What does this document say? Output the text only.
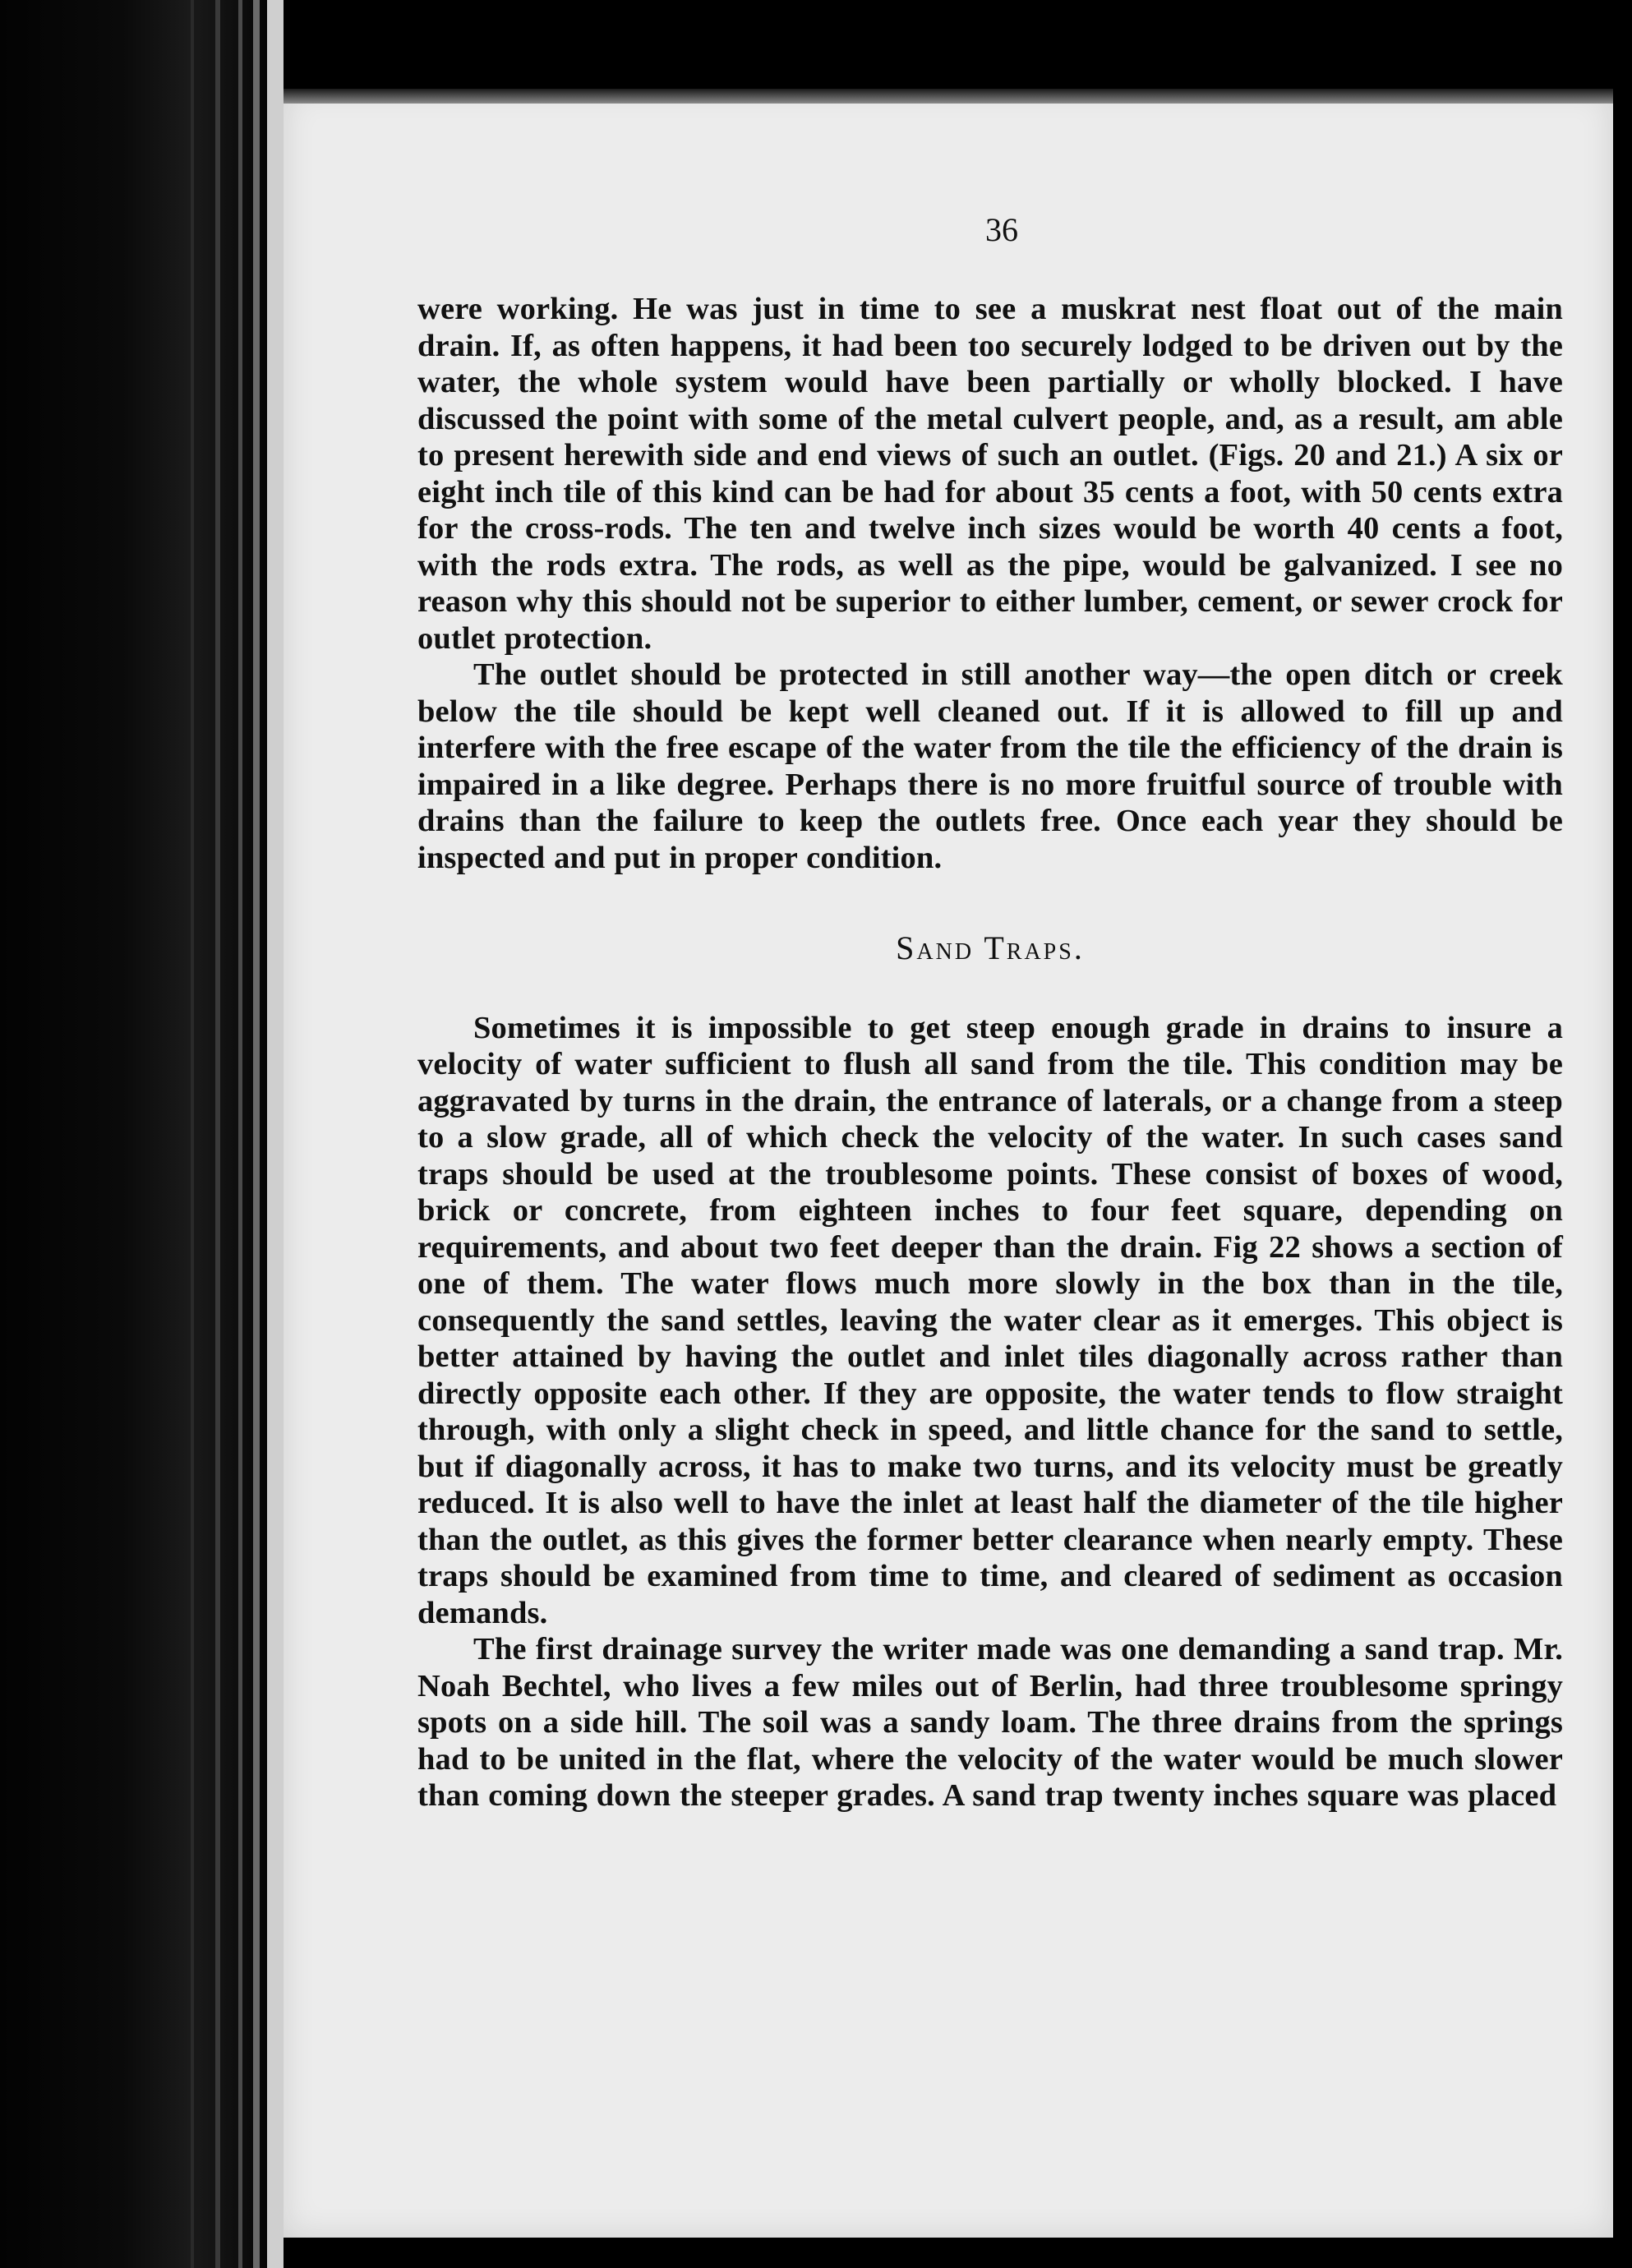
36

were working. He was just in time to see a muskrat nest float out of the main drain. If, as often happens, it had been too securely lodged to be driven out by the water, the whole system would have been partially or wholly blocked. I have discussed the point with some of the metal culvert people, and, as a result, am able to present herewith side and end views of such an outlet. (Figs. 20 and 21.) A six or eight inch tile of this kind can be had for about 35 cents a foot, with 50 cents extra for the cross-rods. The ten and twelve inch sizes would be worth 40 cents a foot, with the rods extra. The rods, as well as the pipe, would be galvanized. I see no reason why this should not be superior to either lumber, cement, or sewer crock for outlet protection.

The outlet should be protected in still another way—the open ditch or creek below the tile should be kept well cleaned out. If it is allowed to fill up and interfere with the free escape of the water from the tile the efficiency of the drain is impaired in a like degree. Perhaps there is no more fruitful source of trouble with drains than the failure to keep the outlets free. Once each year they should be inspected and put in proper condition.

Sand Traps.

Sometimes it is impossible to get steep enough grade in drains to insure a velocity of water sufficient to flush all sand from the tile. This condition may be aggravated by turns in the drain, the entrance of laterals, or a change from a steep to a slow grade, all of which check the velocity of the water. In such cases sand traps should be used at the troublesome points. These consist of boxes of wood, brick or concrete, from eighteen inches to four feet square, depending on requirements, and about two feet deeper than the drain. Fig 22 shows a section of one of them. The water flows much more slowly in the box than in the tile, consequently the sand settles, leaving the water clear as it emerges. This object is better attained by having the outlet and inlet tiles diagonally across rather than directly opposite each other. If they are opposite, the water tends to flow straight through, with only a slight check in speed, and little chance for the sand to settle, but if diagonally across, it has to make two turns, and its velocity must be greatly reduced. It is also well to have the inlet at least half the diameter of the tile higher than the outlet, as this gives the former better clearance when nearly empty. These traps should be examined from time to time, and cleared of sediment as occasion demands.

The first drainage survey the writer made was one demanding a sand trap. Mr. Noah Bechtel, who lives a few miles out of Berlin, had three troublesome springy spots on a side hill. The soil was a sandy loam. The three drains from the springs had to be united in the flat, where the velocity of the water would be much slower than coming down the steeper grades. A sand trap twenty inches square was placed
